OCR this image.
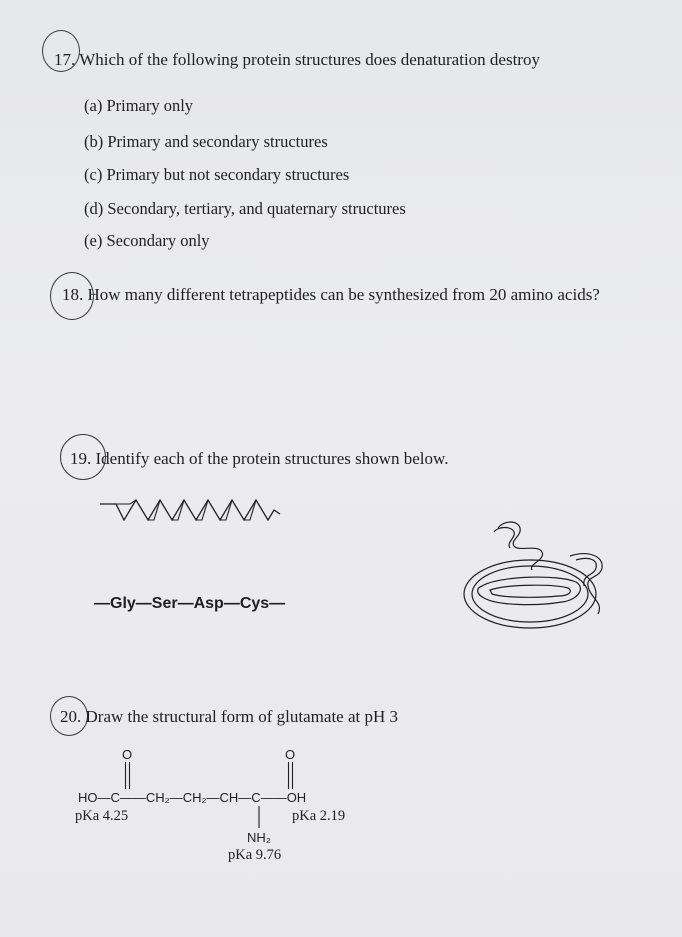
17. Which of the following protein structures does denaturation destroy
(a) Primary only
(b) Primary and secondary structures
(c) Primary but not secondary structures
(d) Secondary, tertiary, and quaternary structures
(e) Secondary only
18. How many different tetrapeptides can be synthesized from 20 amino acids?
19. Identify each of the protein structures shown below.
—Gly—Ser—Asp—Cys—
20. Draw the structural form of glutamate at pH 3
O	O
HO—C——CH₂—CH₂—CH—C——OH
pKa 4.25	pKa 2.19
NH₂
pKa 9.76
